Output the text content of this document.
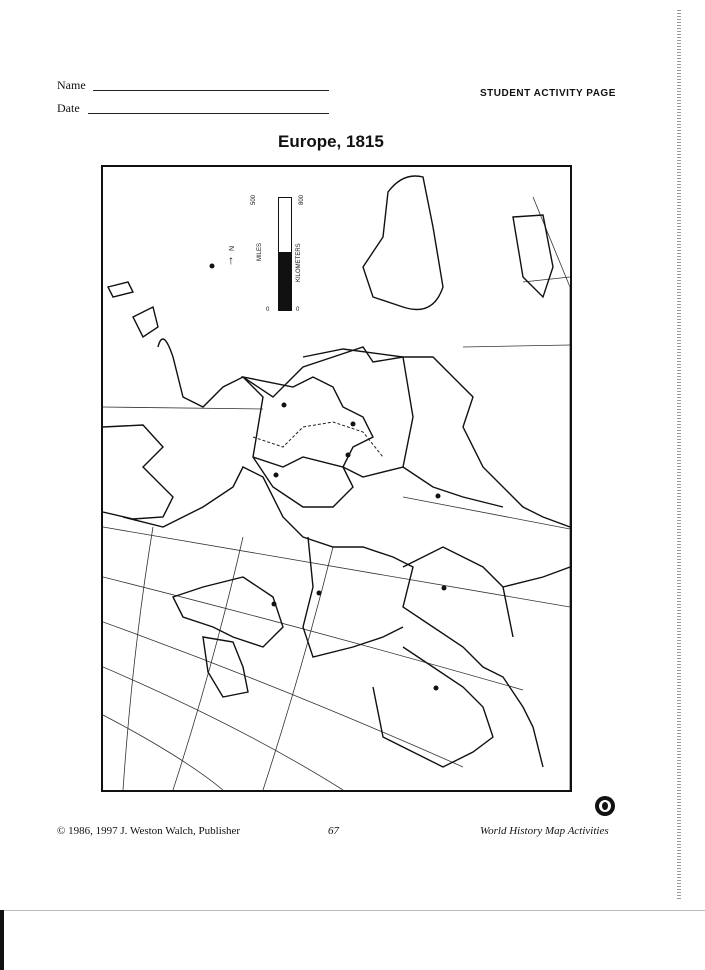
Name
Date
STUDENT ACTIVITY PAGE
Europe, 1815
N
↑
500
MILES
0
800
KILOMETERS
0
© 1986, 1997 J. Weston Walch, Publisher	67	World History Map Activities
